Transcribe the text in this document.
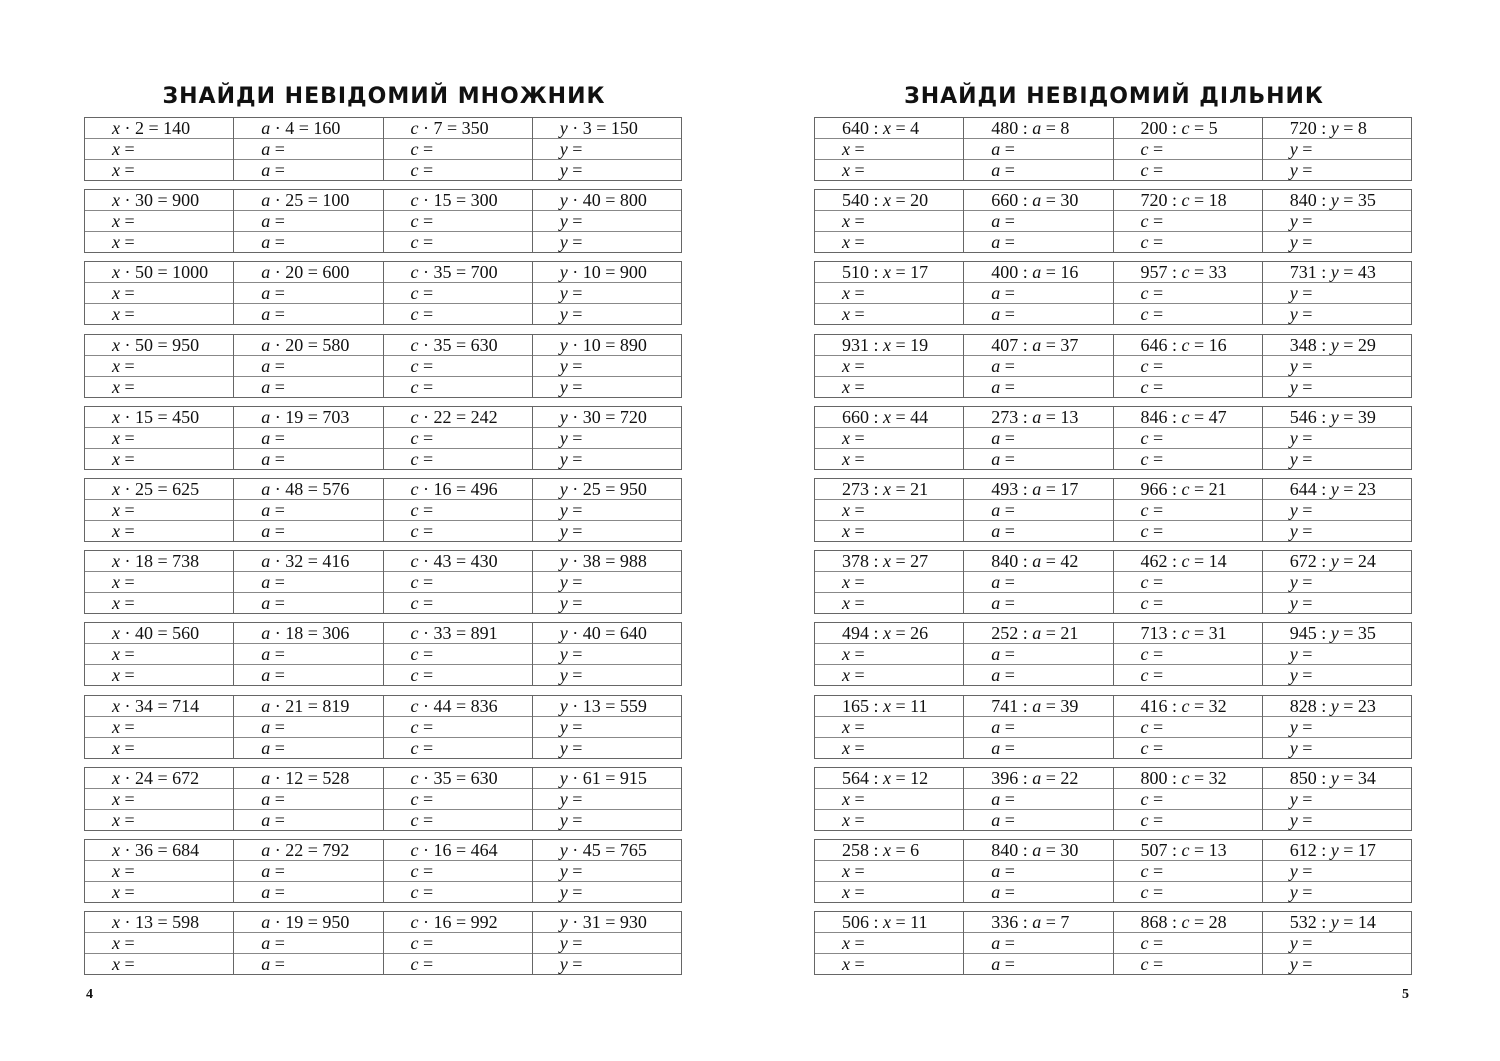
ЗНАЙДИ НЕВІДОМИЙ МНОЖНИК
x · 2 = 140
x =
x =
a · 4 = 160
a =
a =
c · 7 = 350
c =
c =
y · 3 = 150
y =
y =
x · 30 = 900
x =
x =
a · 25 = 100
a =
a =
c · 15 = 300
c =
c =
y · 40 = 800
y =
y =
x · 50 = 1000
x =
x =
a · 20 = 600
a =
a =
c · 35 = 700
c =
c =
y · 10 = 900
y =
y =
x · 50 = 950
x =
x =
a · 20 = 580
a =
a =
c · 35 = 630
c =
c =
y · 10 = 890
y =
y =
x · 15 = 450
x =
x =
a · 19 = 703
a =
a =
c · 22 = 242
c =
c =
y · 30 = 720
y =
y =
x · 25 = 625
x =
x =
a · 48 = 576
a =
a =
c · 16 = 496
c =
c =
y · 25 = 950
y =
y =
x · 18 = 738
x =
x =
a · 32 = 416
a =
a =
c · 43 = 430
c =
c =
y · 38 = 988
y =
y =
x · 40 = 560
x =
x =
a · 18 = 306
a =
a =
c · 33 = 891
c =
c =
y · 40 = 640
y =
y =
x · 34 = 714
x =
x =
a · 21 = 819
a =
a =
c · 44 = 836
c =
c =
y · 13 = 559
y =
y =
x · 24 = 672
x =
x =
a · 12 = 528
a =
a =
c · 35 = 630
c =
c =
y · 61 = 915
y =
y =
x · 36 = 684
x =
x =
a · 22 = 792
a =
a =
c · 16 = 464
c =
c =
y · 45 = 765
y =
y =
x · 13 = 598
x =
x =
a · 19 = 950
a =
a =
c · 16 = 992
c =
c =
y · 31 = 930
y =
y =
4
ЗНАЙДИ НЕВІДОМИЙ ДІЛЬНИК
640 : x = 4
x =
x =
480 : a = 8
a =
a =
200 : c = 5
c =
c =
720 : y = 8
y =
y =
540 : x = 20
x =
x =
660 : a = 30
a =
a =
720 : c = 18
c =
c =
840 : y = 35
y =
y =
510 : x = 17
x =
x =
400 : a = 16
a =
a =
957 : c = 33
c =
c =
731 : y = 43
y =
y =
931 : x = 19
x =
x =
407 : a = 37
a =
a =
646 : c = 16
c =
c =
348 : y = 29
y =
y =
660 : x = 44
x =
x =
273 : a = 13
a =
a =
846 : c = 47
c =
c =
546 : y = 39
y =
y =
273 : x = 21
x =
x =
493 : a = 17
a =
a =
966 : c = 21
c =
c =
644 : y = 23
y =
y =
378 : x = 27
x =
x =
840 : a = 42
a =
a =
462 : c = 14
c =
c =
672 : y = 24
y =
y =
494 : x = 26
x =
x =
252 : a = 21
a =
a =
713 : c = 31
c =
c =
945 : y = 35
y =
y =
165 : x = 11
x =
x =
741 : a = 39
a =
a =
416 : c = 32
c =
c =
828 : y = 23
y =
y =
564 : x = 12
x =
x =
396 : a = 22
a =
a =
800 : c = 32
c =
c =
850 : y = 34
y =
y =
258 : x = 6
x =
x =
840 : a = 30
a =
a =
507 : c = 13
c =
c =
612 : y = 17
y =
y =
506 : x = 11
x =
x =
336 : a = 7
a =
a =
868 : c = 28
c =
c =
532 : y = 14
y =
y =
5
